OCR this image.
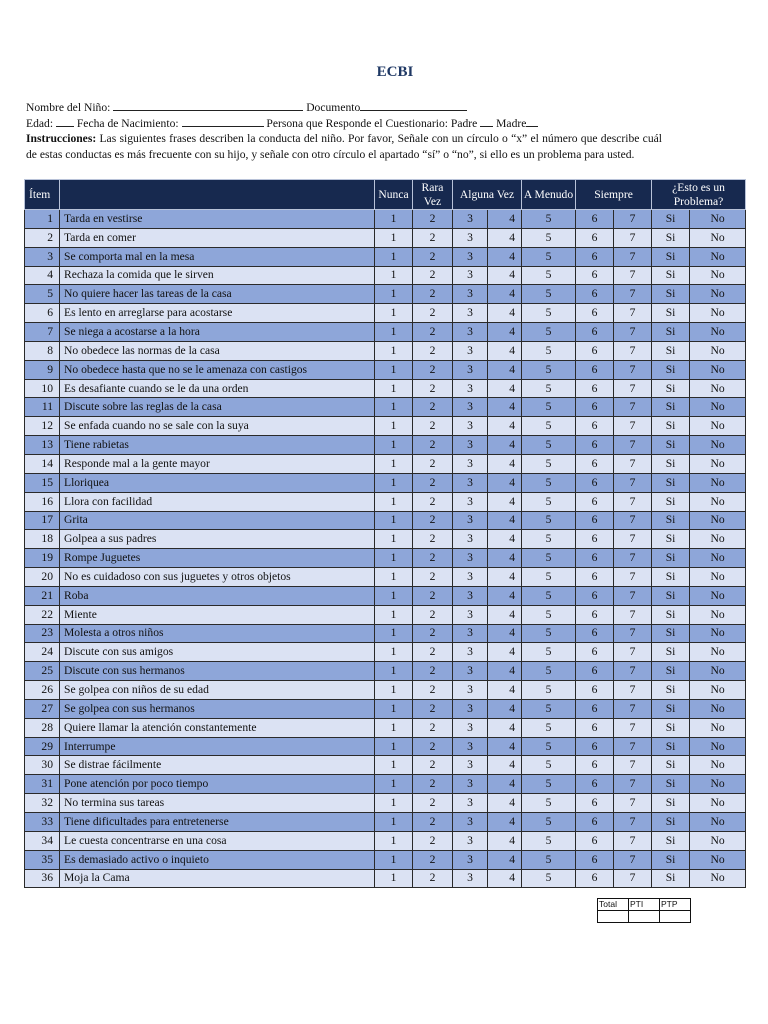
ECBI
Nombre del Niño:	Documento
Edad: Fecha de Nacimiento:	Persona que Responde el Cuestionario: Padre Madre
Instrucciones: Las siguientes frases describen la conducta del niño. Por favor, Señale con un círculo o “x” el número que describe cuál de estas conductas es más frecuente con su hijo, y señale con otro círculo el apartado “sí” o “no”, si ello es un problema para usted.
Ítem		Nunca	Rara Vez	Alguna Vez		A Menudo	Siempre		¿Esto es un Problema?	
1	Tarda en vestirse	1	2	3	4	5	6	7	Si	No
2	Tarda en comer	1	2	3	4	5	6	7	Si	No
3	Se comporta mal en la mesa	1	2	3	4	5	6	7	Si	No
4	Rechaza la comida que le sirven	1	2	3	4	5	6	7	Si	No
5	No quiere hacer las tareas de la casa	1	2	3	4	5	6	7	Si	No
6	Es lento en arreglarse para acostarse	1	2	3	4	5	6	7	Si	No
7	Se niega a acostarse a la hora	1	2	3	4	5	6	7	Si	No
8	No obedece las normas de la casa	1	2	3	4	5	6	7	Si	No
9	No obedece hasta que no se le amenaza con castigos	1	2	3	4	5	6	7	Si	No
10	Es desafiante cuando se le da una orden	1	2	3	4	5	6	7	Si	No
11	Discute sobre las reglas de la casa	1	2	3	4	5	6	7	Si	No
12	Se enfada cuando no se sale con la suya	1	2	3	4	5	6	7	Si	No
13	Tiene rabietas	1	2	3	4	5	6	7	Si	No
14	Responde mal a la gente mayor	1	2	3	4	5	6	7	Si	No
15	Lloriquea	1	2	3	4	5	6	7	Si	No
16	Llora con facilidad	1	2	3	4	5	6	7	Si	No
17	Grita	1	2	3	4	5	6	7	Si	No
18	Golpea a sus padres	1	2	3	4	5	6	7	Si	No
19	Rompe Juguetes	1	2	3	4	5	6	7	Si	No
20	No es cuidadoso con sus juguetes y otros objetos	1	2	3	4	5	6	7	Si	No
21	Roba	1	2	3	4	5	6	7	Si	No
22	Miente	1	2	3	4	5	6	7	Si	No
23	Molesta a otros niños	1	2	3	4	5	6	7	Si	No
24	Discute con sus amigos	1	2	3	4	5	6	7	Si	No
25	Discute con sus hermanos	1	2	3	4	5	6	7	Si	No
26	Se golpea con niños de su edad	1	2	3	4	5	6	7	Si	No
27	Se golpea con sus hermanos	1	2	3	4	5	6	7	Si	No
28	Quiere llamar la atención constantemente	1	2	3	4	5	6	7	Si	No
29	Interrumpe	1	2	3	4	5	6	7	Si	No
30	Se distrae fácilmente	1	2	3	4	5	6	7	Si	No
31	Pone atención por poco tiempo	1	2	3	4	5	6	7	Si	No
32	No termina sus tareas	1	2	3	4	5	6	7	Si	No
33	Tiene dificultades para entretenerse	1	2	3	4	5	6	7	Si	No
34	Le cuesta concentrarse en una cosa	1	2	3	4	5	6	7	Si	No
35	Es demasiado activo o inquieto	1	2	3	4	5	6	7	Si	No
36	Moja la Cama	1	2	3	4	5	6	7	Si	No
Total	PTI	PTP
